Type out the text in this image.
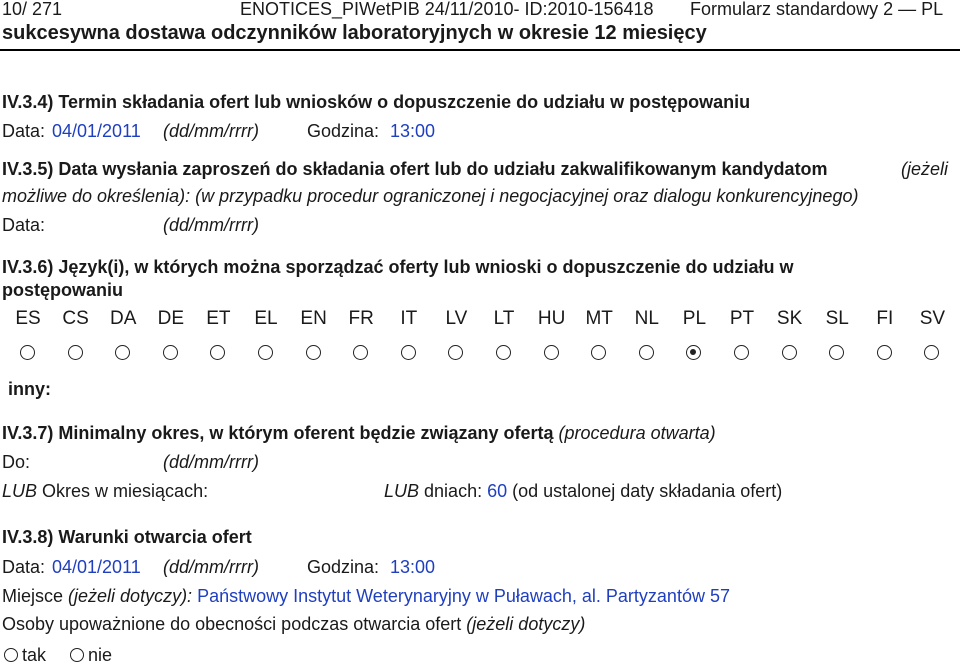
10/ 271	ENOTICES_PIWetPIB 24/11/2010- ID:2010-156418 Formularz standardowy 2 — PL
sukcesywna dostawa odczynników laboratoryjnych w okresie 12 miesięcy
IV.3.4) Termin składania ofert lub wniosków o dopuszczenie do udziału w postępowaniu
Data: 04/01/2011 (dd/mm/rrrr)	Godzina: 13:00
IV.3.5) Data wysłania zaproszeń do składania ofert lub do udziału zakwalifikowanym kandydatom	(jeżeli
możliwe do określenia): (w przypadku procedur ograniczonej i negocjacyjnej oraz dialogu konkurencyjnego)
Data:	(dd/mm/rrrr)
IV.3.6) Język(i), w których można sporządzać oferty lub wnioski o dopuszczenie do udziału w
postępowaniu
ES	CS	DA	DE	ET	EL	EN	FR	IT	LV	LT	HU	MT	NL	PL	PT	SK	SL	FI	SV
inny:
IV.3.7) Minimalny okres, w którym oferent będzie związany ofertą (procedura otwarta)
Do:	(dd/mm/rrrr)
LUB Okres w miesiącach:	LUB dniach: 60 (od ustalonej daty składania ofert)
IV.3.8) Warunki otwarcia ofert
Data: 04/01/2011 (dd/mm/rrrr)	Godzina: 13:00
Miejsce (jeżeli dotyczy): Państwowy Instytut Weterynaryjny w Puławach, al. Partyzantów 57
Osoby upoważnione do obecności podczas otwarcia ofert (jeżeli dotyczy)
tak nie
